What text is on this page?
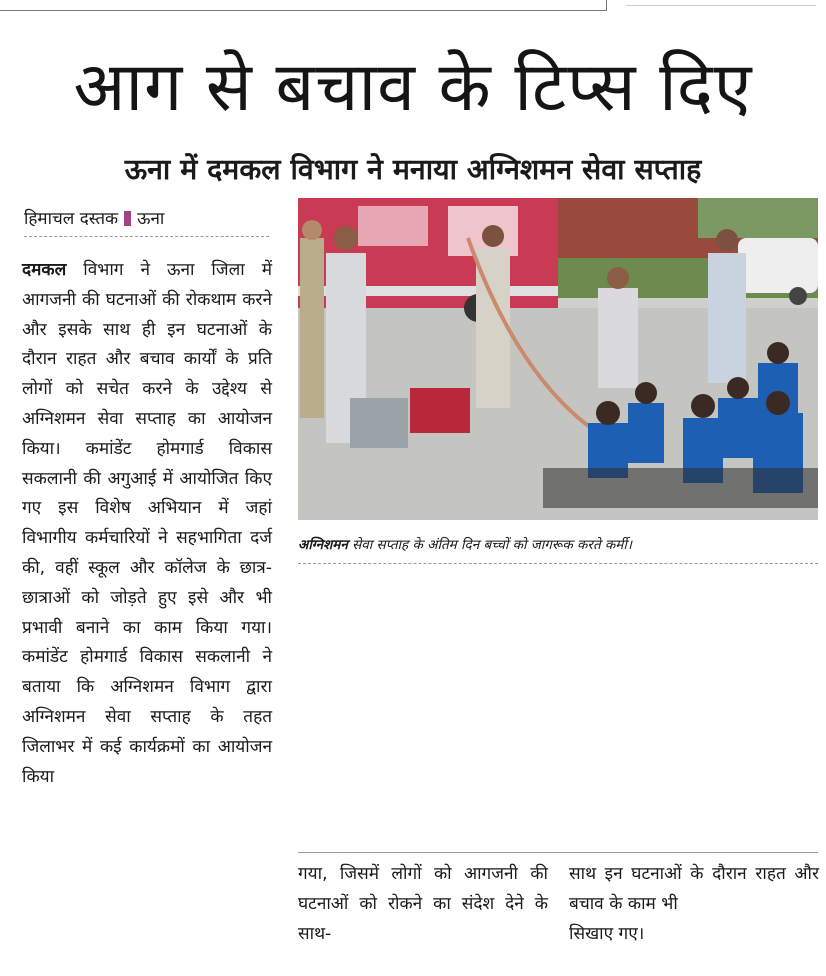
आग से बचाव के टिप्स दिए
ऊना में दमकल विभाग ने मनाया अग्निशमन सेवा सप्ताह
हिमाचल दस्तक ऊना
दमकल विभाग ने ऊना जिला में आगजनी की घटनाओं की रोकथाम करने और इसके साथ ही इन घटनाओं के दौरान राहत और बचाव कार्यों के प्रति लोगों को सचेत करने के उद्देश्य से अग्निशमन सेवा सप्ताह का आयोजन किया। कमांडेंट होमगार्ड विकास सकलानी की अगुआई में आयोजित किए गए इस विशेष अभियान में जहां विभागीय कर्मचारियों ने सहभागिता दर्ज की, वहीं स्कूल और कॉलेज के छात्र-छात्राओं को जोड़ते हुए इसे और भी प्रभावी बनाने का काम किया गया। कमांडेंट होमगार्ड विकास सकलानी ने बताया कि अग्निशमन विभाग द्वारा अग्निशमन सेवा सप्ताह के तहत जिलाभर में कई कार्यक्रमों का आयोजन किया
अग्निशमन सेवा सप्ताह के अंतिम दिन बच्चों को जागरूक करते कर्मी।
गया, जिसमें लोगों को आगजनी की घटनाओं को रोकने का संदेश देने के साथ-
साथ इन घटनाओं के दौरान राहत और बचाव के काम भी
सिखाए गए।
